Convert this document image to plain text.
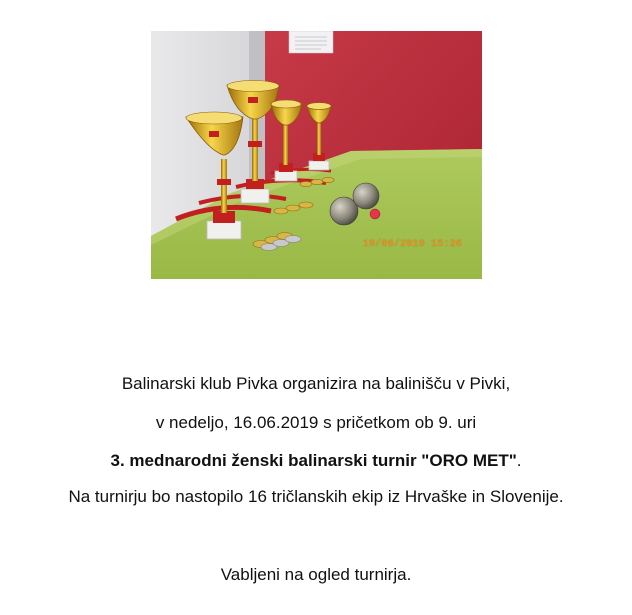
19/06/2019 15:26
Balinarski klub Pivka organizira na balinišču v Pivki,
v nedeljo, 16.06.2019 s pričetkom ob 9. uri
3. mednarodni ženski balinarski turnir "ORO MET".
Na turnirju bo nastopilo 16 tričlanskih ekip iz Hrvaške in Slovenije.
Vabljeni na ogled turnirja.
